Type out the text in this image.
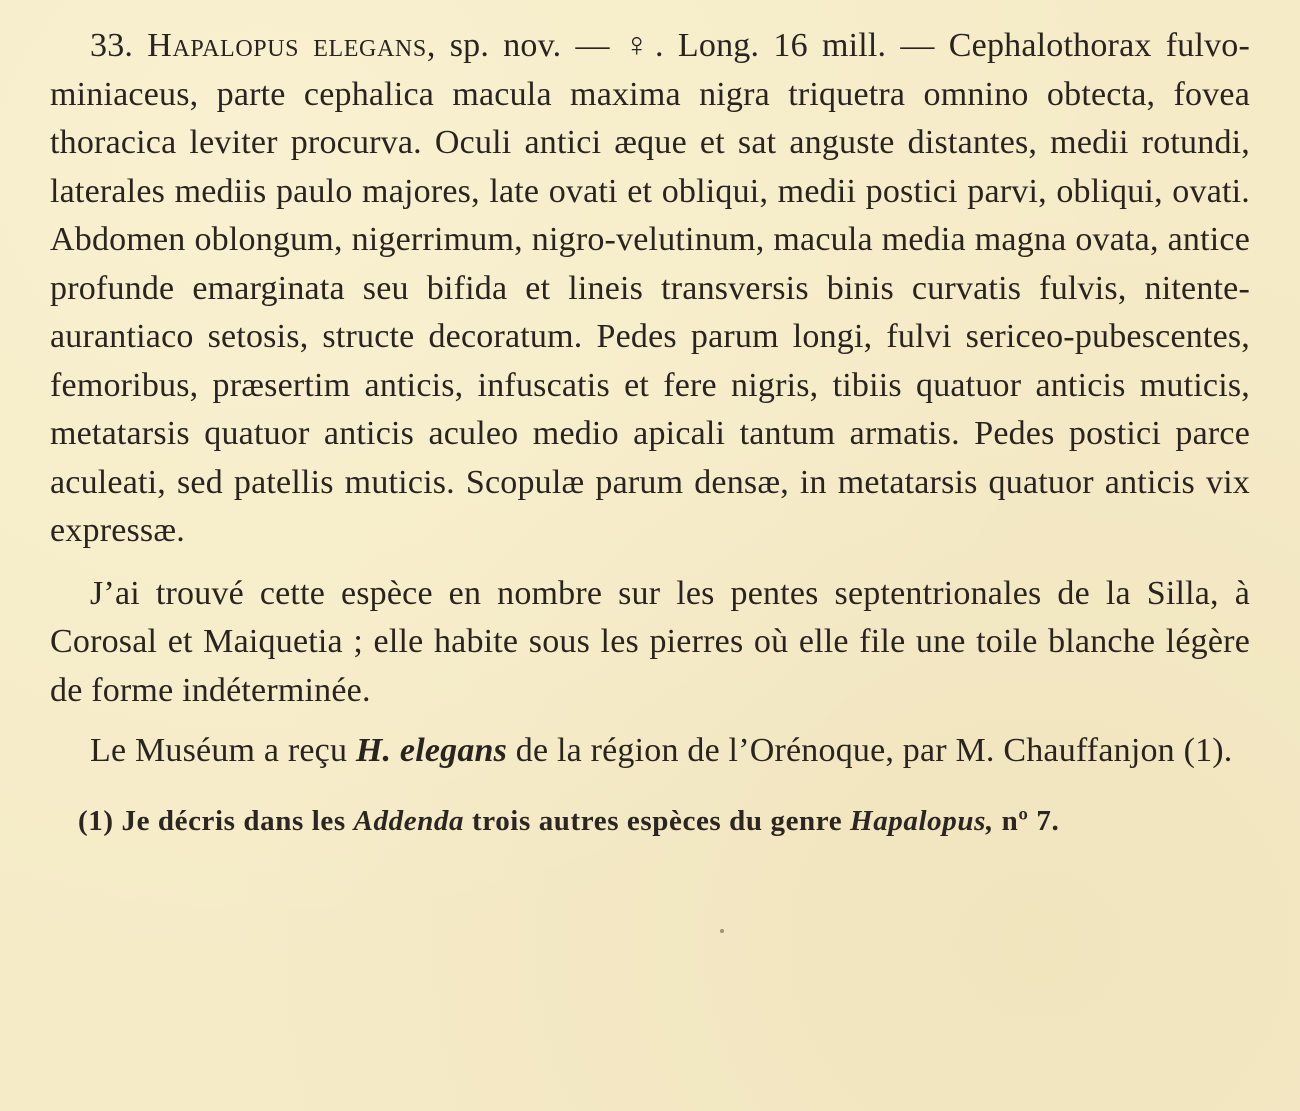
33. Hapalopus elegans, sp. nov. — ♀. Long. 16 mill. — Cephalothorax fulvo-miniaceus, parte cephalica macula maxima nigra triquetra omnino obtecta, fovea thoracica leviter procurva. Oculi antici æque et sat anguste distantes, medii rotundi, laterales mediis paulo majores, late ovati et obliqui, medii postici parvi, obliqui, ovati. Abdomen oblongum, nigerrimum, nigro-velutinum, macula media magna ovata, antice profunde emarginata seu bifida et lineis transversis binis curvatis fulvis, nitente-aurantiaco setosis, structe decoratum. Pedes parum longi, fulvi sericeo-pubescentes, femoribus, præsertim anticis, infuscatis et fere nigris, tibiis quatuor anticis muticis, metatarsis quatuor anticis aculeo medio apicali tantum armatis. Pedes postici parce aculeati, sed patellis muticis. Scopulæ parum densæ, in metatarsis quatuor anticis vix expressæ.

J’ai trouvé cette espèce en nombre sur les pentes septentrionales de la Silla, à Corosal et Maiquetia ; elle habite sous les pierres où elle file une toile blanche légère de forme indéterminée.

Le Muséum a reçu H. elegans de la région de l’Orénoque, par M. Chauffanjon (1).

(1) Je décris dans les Addenda trois autres espèces du genre Hapalopus, nº 7.
